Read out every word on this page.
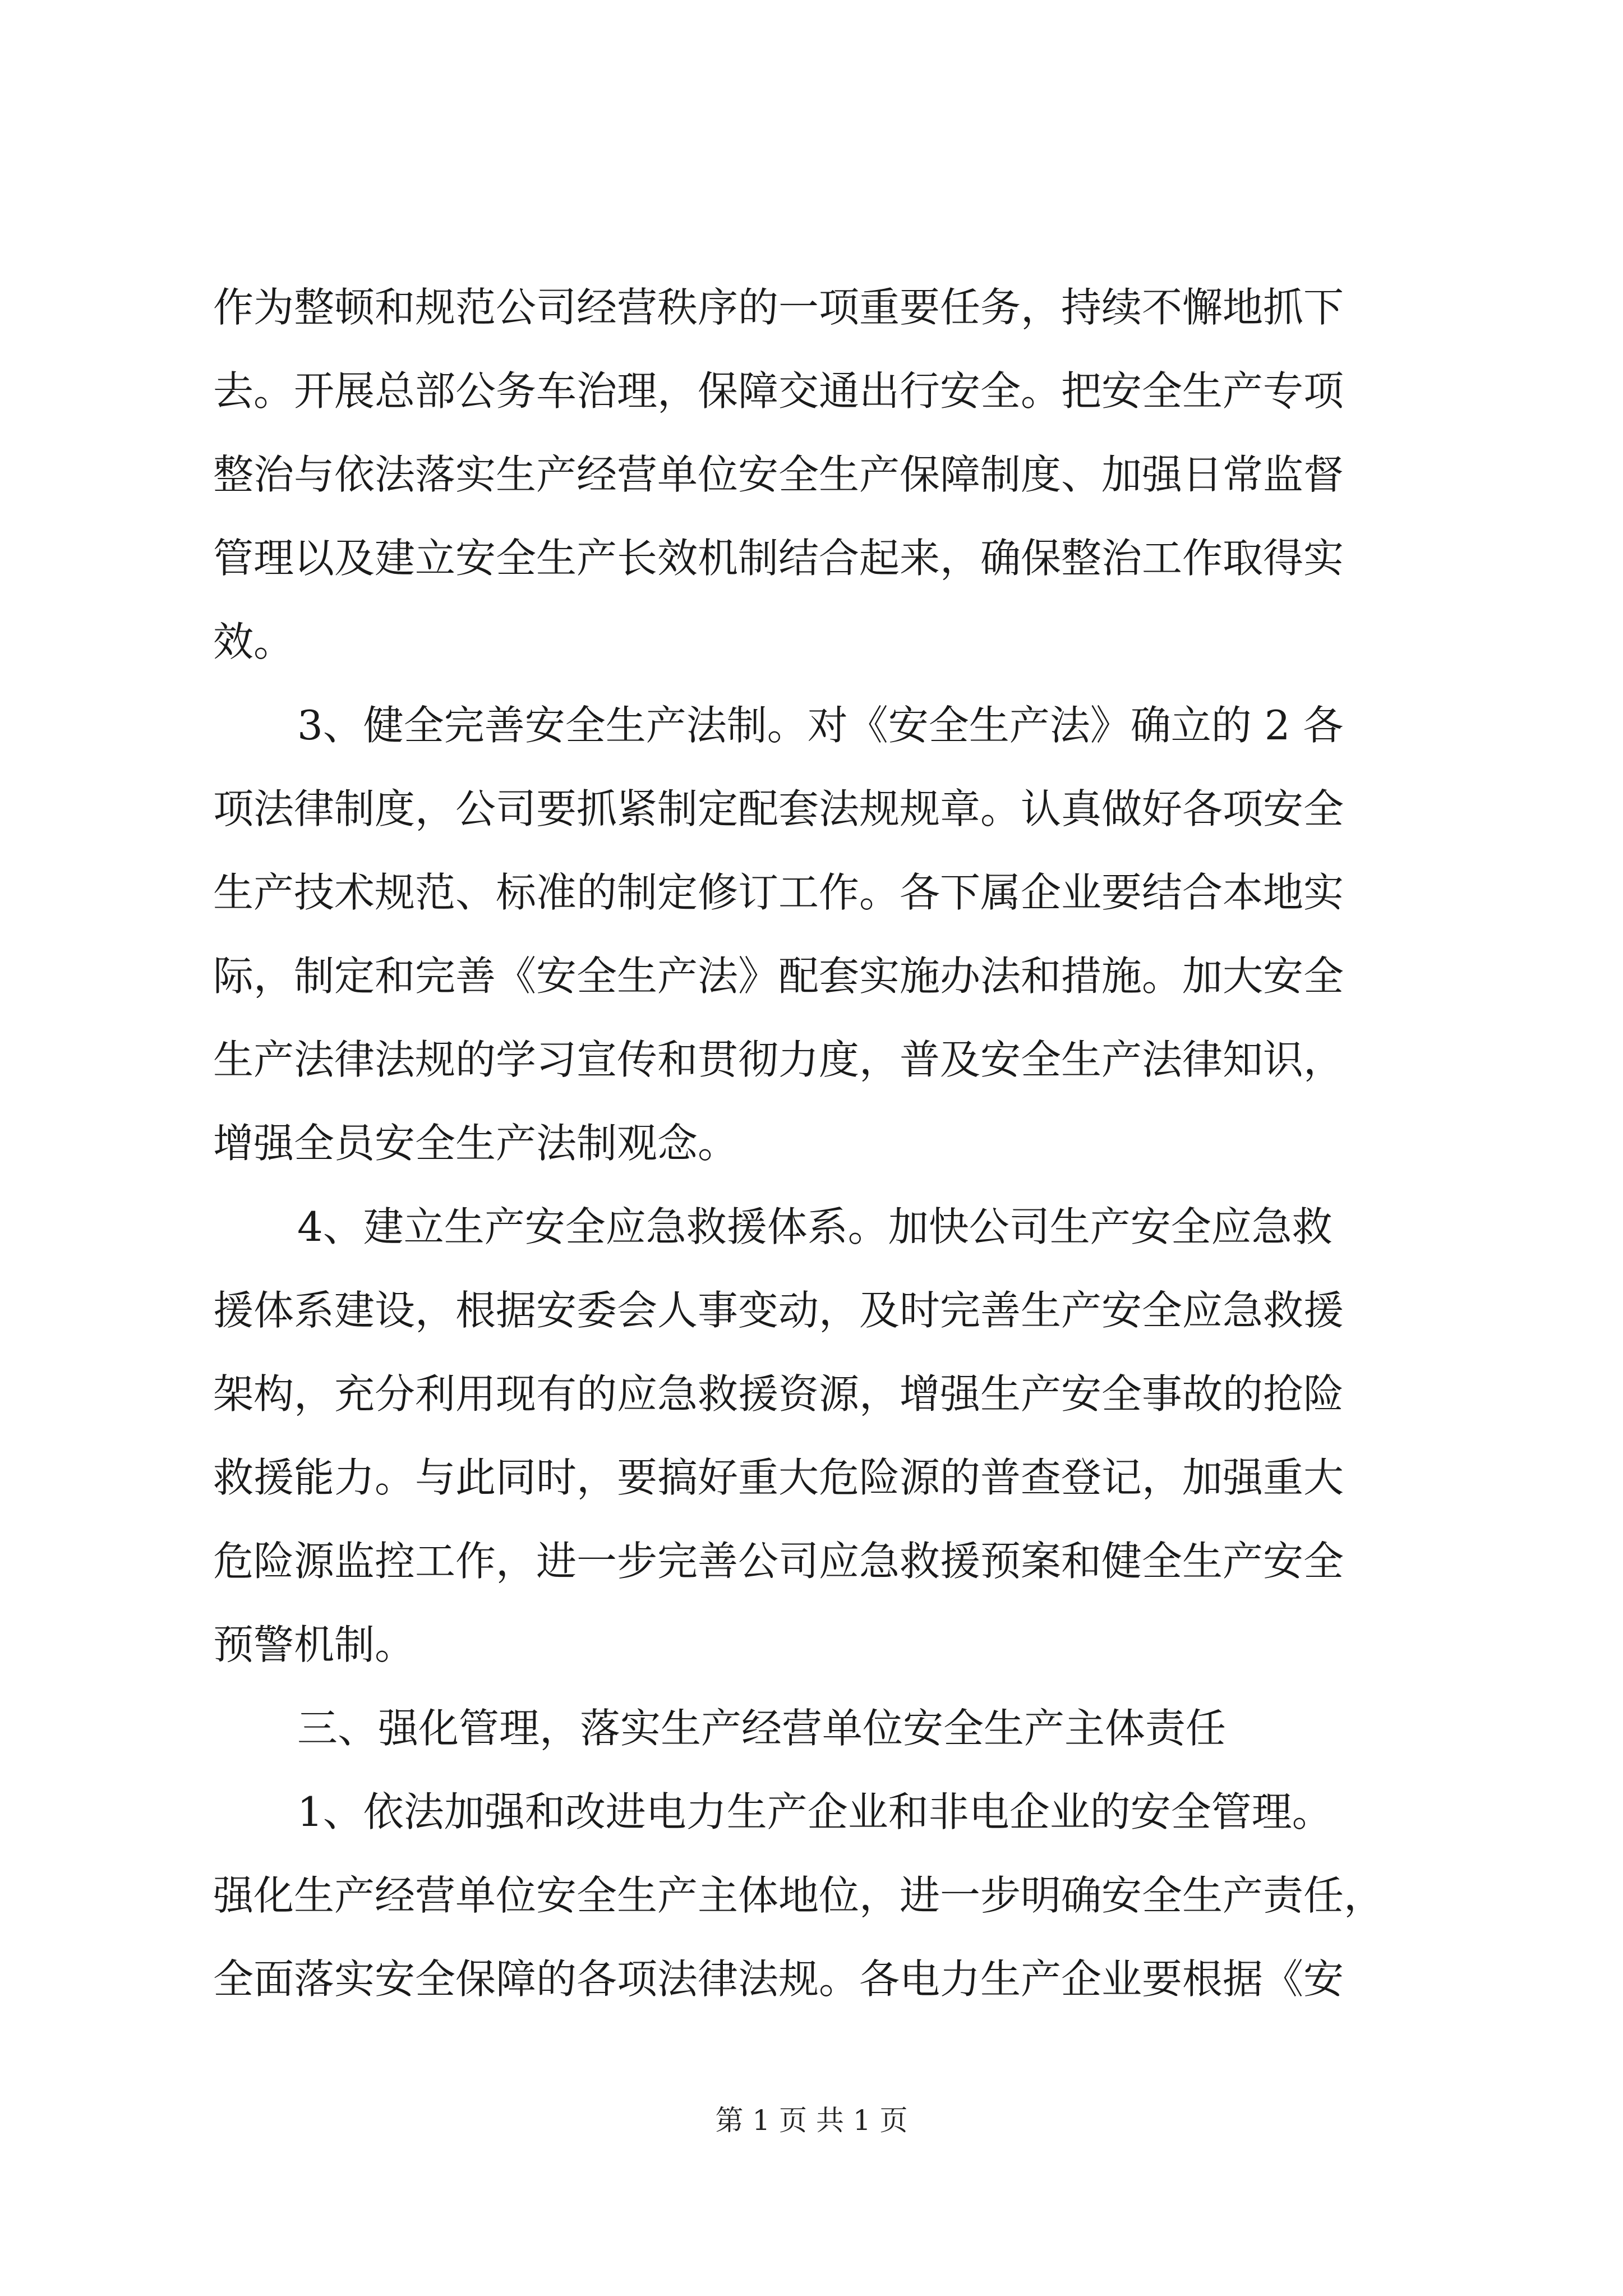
作为整顿和规范公司经营秩序的一项重要任务，持续不懈地抓下
去。开展总部公务车治理，保障交通出行安全。把安全生产专项
整治与依法落实生产经营单位安全生产保障制度、加强日常监督
管理以及建立安全生产长效机制结合起来，确保整治工作取得实
效。
3、健全完善安全生产法制。对《安全生产法》确立的 2 各
项法律制度，公司要抓紧制定配套法规规章。认真做好各项安全
生产技术规范、标准的制定修订工作。各下属企业要结合本地实
际，制定和完善《安全生产法》配套实施办法和措施。加大安全
生产法律法规的学习宣传和贯彻力度，普及安全生产法律知识，
增强全员安全生产法制观念。
4、建立生产安全应急救援体系。加快公司生产安全应急救
援体系建设，根据安委会人事变动，及时完善生产安全应急救援
架构，充分利用现有的应急救援资源，增强生产安全事故的抢险
救援能力。与此同时，要搞好重大危险源的普查登记，加强重大
危险源监控工作，进一步完善公司应急救援预案和健全生产安全
预警机制。
三、强化管理，落实生产经营单位安全生产主体责任
1、依法加强和改进电力生产企业和非电企业的安全管理。
强化生产经营单位安全生产主体地位，进一步明确安全生产责任，
全面落实安全保障的各项法律法规。各电力生产企业要根据《安
第 1 页 共 1 页
